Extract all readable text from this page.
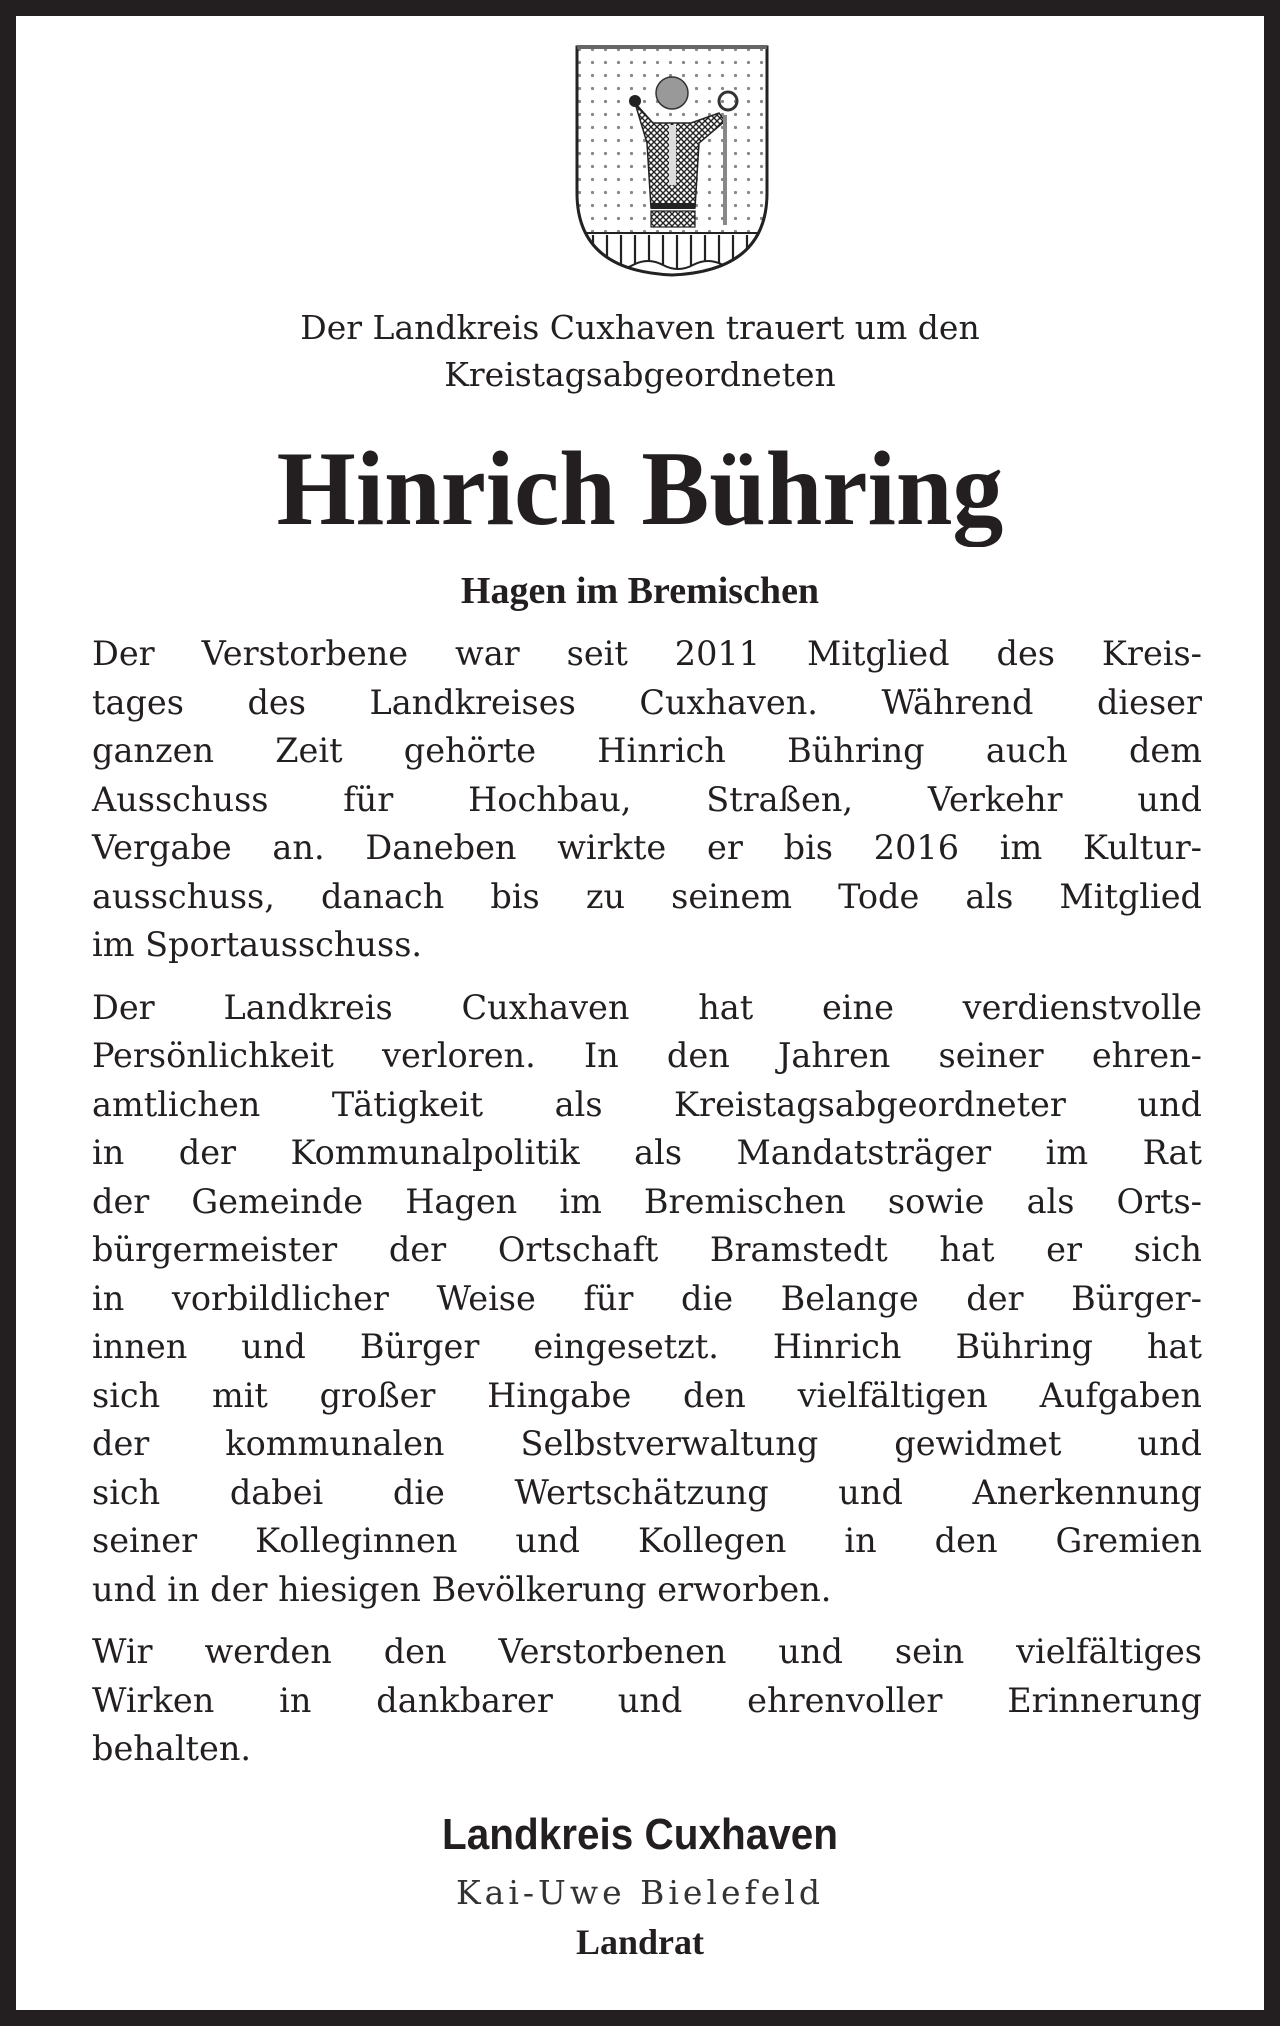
Der Landkreis Cuxhaven trauert um den
Kreistagsabgeordneten
Hinrich Bühring
Hagen im Bremischen

Der Verstorbene war seit 2011 Mitglied des Kreis-
tages des Landkreises Cuxhaven. Während dieser
ganzen Zeit gehörte Hinrich Bühring auch dem
Ausschuss für Hochbau, Straßen, Verkehr und
Vergabe an. Daneben wirkte er bis 2016 im Kultur-
ausschuss, danach bis zu seinem Tode als Mitglied
im Sportausschuss.

Der Landkreis Cuxhaven hat eine verdienstvolle
Persönlichkeit verloren. In den Jahren seiner ehren-
amtlichen Tätigkeit als Kreistagsabgeordneter und
in der Kommunalpolitik als Mandatsträger im Rat
der Gemeinde Hagen im Bremischen sowie als Orts-
bürgermeister der Ortschaft Bramstedt hat er sich
in vorbildlicher Weise für die Belange der Bürger-
innen und Bürger eingesetzt. Hinrich Bühring hat
sich mit großer Hingabe den vielfältigen Aufgaben
der kommunalen Selbstverwaltung gewidmet und
sich dabei die Wertschätzung und Anerkennung
seiner Kolleginnen und Kollegen in den Gremien
und in der hiesigen Bevölkerung erworben.

Wir werden den Verstorbenen und sein vielfältiges
Wirken in dankbarer und ehrenvoller Erinnerung
behalten.

Landkreis Cuxhaven
Kai-Uwe Bielefeld
Landrat
